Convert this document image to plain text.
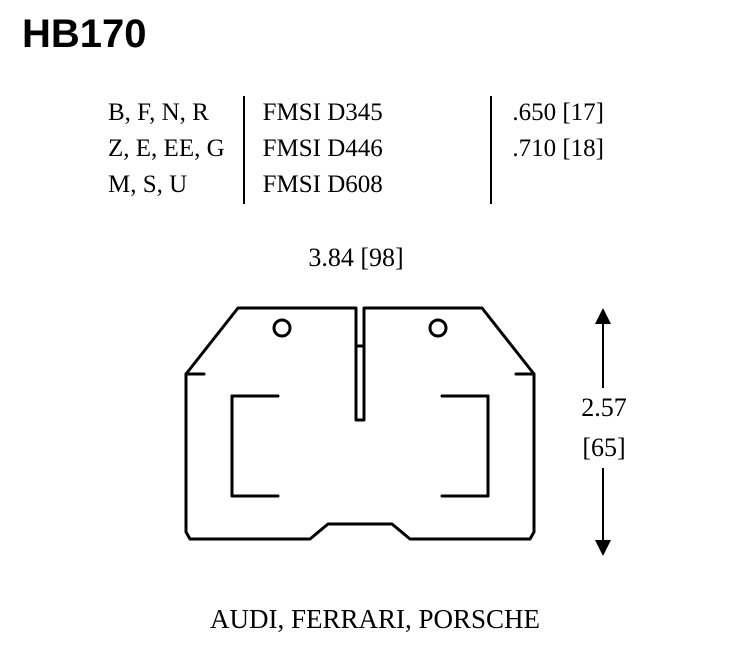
HB170
B, F, N, R	FMSI D345	.650 [17]
Z, E, EE, G	FMSI D446	.710 [18]
M, S, U	FMSI D608	
3.84 [98]
2.57
[65]
AUDI, FERRARI, PORSCHE
